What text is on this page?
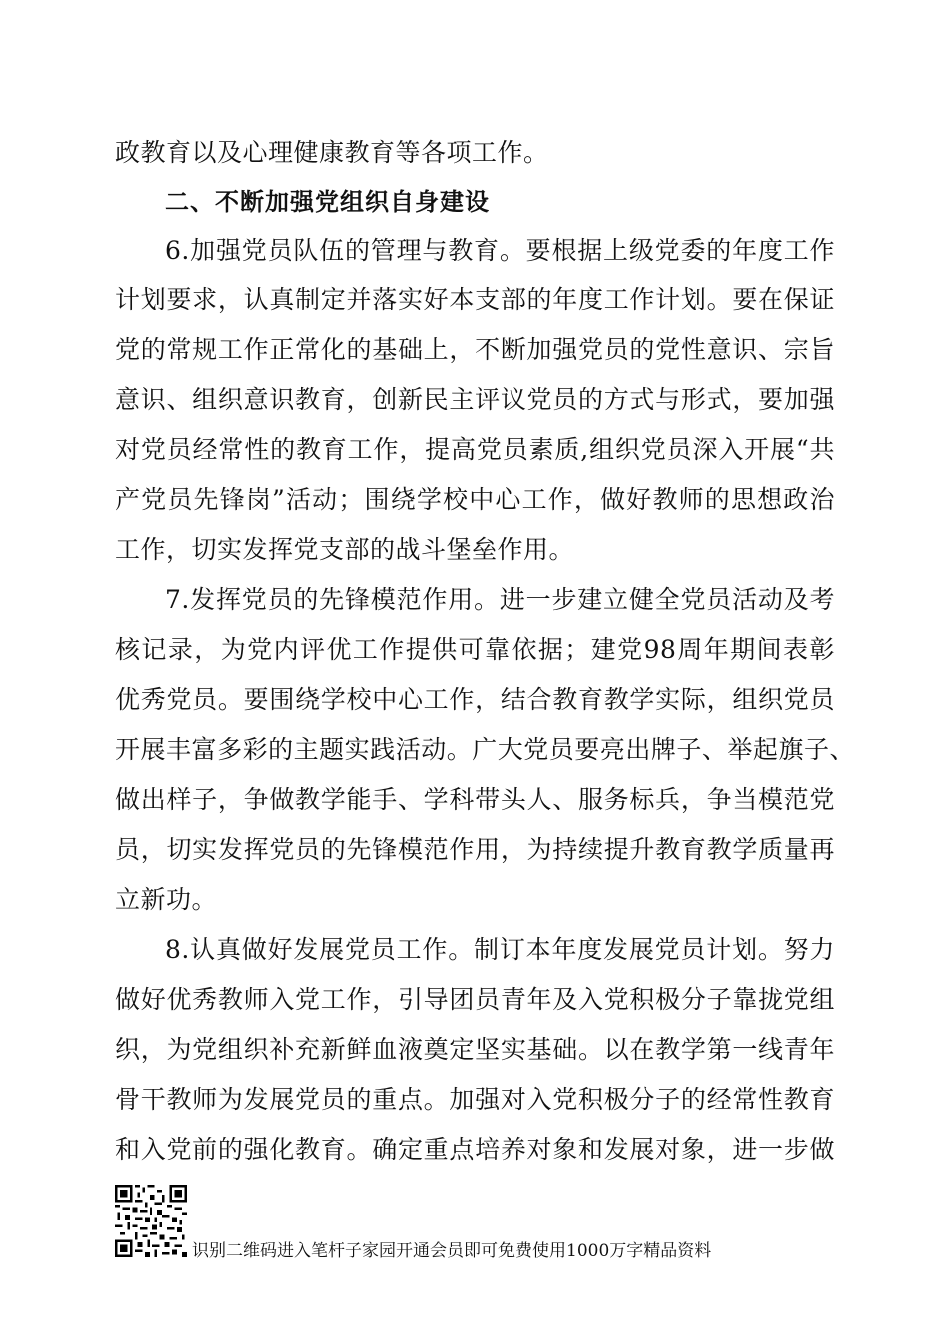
政教育以及心理健康教育等各项工作。
二、不断加强党组织自身建设
6.加强党员队伍的管理与教育。要根据上级党委的年度工作
计划要求，认真制定并落实好本支部的年度工作计划。要在保证
党的常规工作正常化的基础上，不断加强党员的党性意识、宗旨
意识、组织意识教育，创新民主评议党员的方式与形式，要加强
对党员经常性的教育工作，提高党员素质,组织党员深入开展“共
产党员先锋岗”活动；围绕学校中心工作，做好教师的思想政治
工作，切实发挥党支部的战斗堡垒作用。
7.发挥党员的先锋模范作用。进一步建立健全党员活动及考
核记录，为党内评优工作提供可靠依据；建党98周年期间表彰
优秀党员。要围绕学校中心工作，结合教育教学实际，组织党员
开展丰富多彩的主题实践活动。广大党员要亮出牌子、举起旗子、
做出样子，争做教学能手、学科带头人、服务标兵，争当模范党
员，切实发挥党员的先锋模范作用，为持续提升教育教学质量再
立新功。
8.认真做好发展党员工作。制订本年度发展党员计划。努力
做好优秀教师入党工作，引导团员青年及入党积极分子靠拢党组
织，为党组织补充新鲜血液奠定坚实基础。以在教学第一线青年
骨干教师为发展党员的重点。加强对入党积极分子的经常性教育
和入党前的强化教育。确定重点培养对象和发展对象，进一步做
识别二维码进入笔杆子家园开通会员即可免费使用1000万字精品资料
